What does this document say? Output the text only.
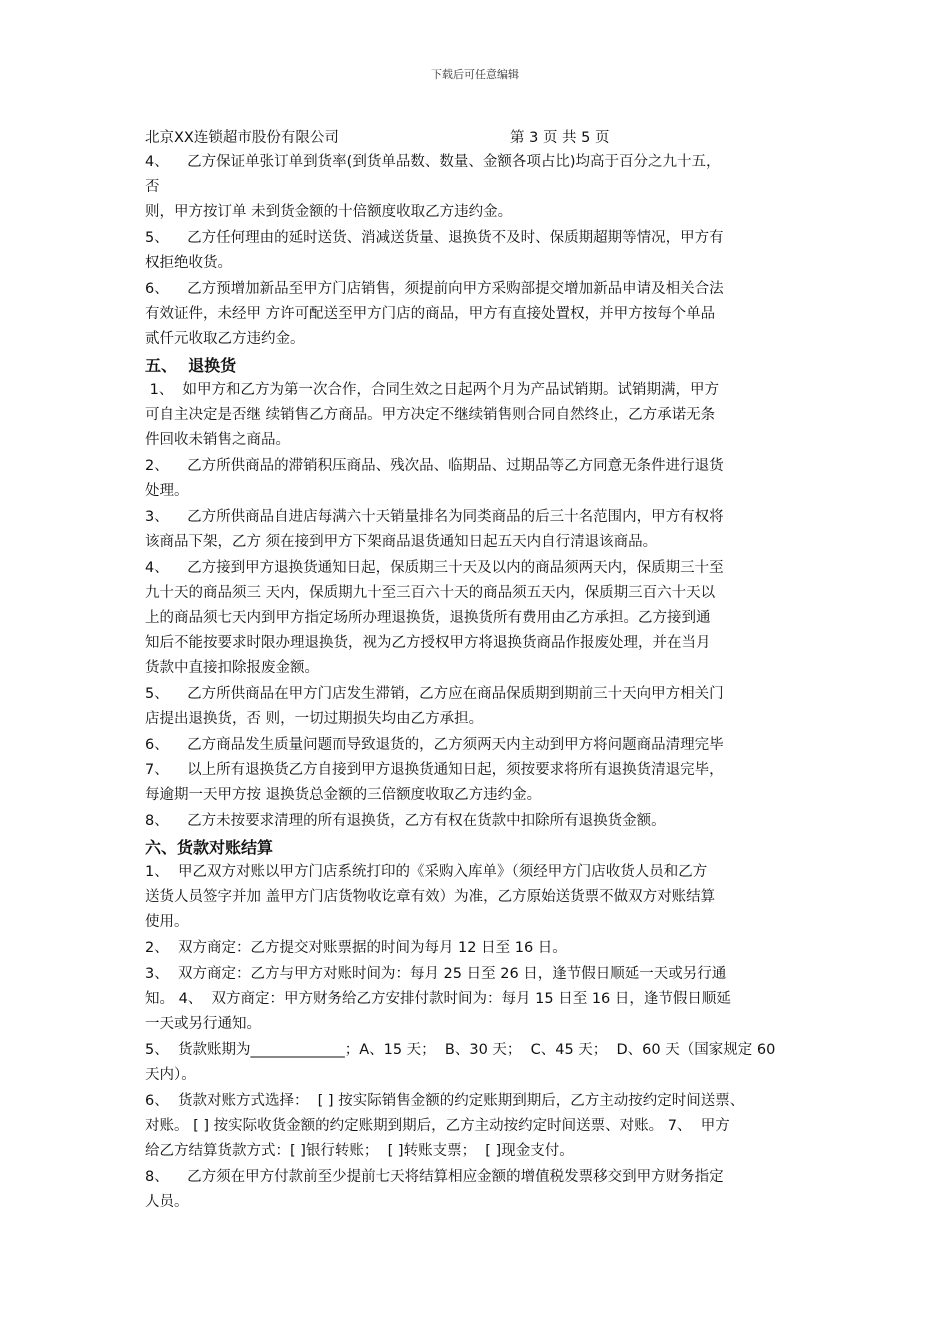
下载后可任意编辑
北京XX连锁超市股份有限公司	第 3 页 共 5 页
4、    乙方保证单张订单到货率(到货单品数、数量、金额各项占比)均高于百分之九十五，
否
则，甲方按订单 未到货金额的十倍额度收取乙方违约金。
5、    乙方任何理由的延时送货、消减送货量、退换货不及时、保质期超期等情况，甲方有
权拒绝收货。
6、    乙方预增加新品至甲方门店销售，须提前向甲方采购部提交增加新品申请及相关合法
有效证件，未经甲 方许可配送至甲方门店的商品，甲方有直接处置权，并甲方按每个单品
贰仟元收取乙方违约金。
五、  退换货
1、  如甲方和乙方为第一次合作，合同生效之日起两个月为产品试销期。试销期满，甲方
可自主决定是否继 续销售乙方商品。甲方决定不继续销售则合同自然终止，乙方承诺无条
件回收未销售之商品。
2、    乙方所供商品的滞销积压商品、残次品、临期品、过期品等乙方同意无条件进行退货
处理。
3、    乙方所供商品自进店每满六十天销量排名为同类商品的后三十名范围内，甲方有权将
该商品下架，乙方 须在接到甲方下架商品退货通知日起五天内自行清退该商品。
4、    乙方接到甲方退换货通知日起，保质期三十天及以内的商品须两天内，保质期三十至
九十天的商品须三 天内，保质期九十至三百六十天的商品须五天内，保质期三百六十天以
上的商品须七天内到甲方指定场所办理退换货，退换货所有费用由乙方承担。乙方接到通
知后不能按要求时限办理退换货，视为乙方授权甲方将退换货商品作报废处理，并在当月
货款中直接扣除报废金额。
5、    乙方所供商品在甲方门店发生滞销，乙方应在商品保质期到期前三十天向甲方相关门
店提出退换货，否 则，一切过期损失均由乙方承担。
6、    乙方商品发生质量问题而导致退货的，乙方须两天内主动到甲方将问题商品清理完毕
7、    以上所有退换货乙方自接到甲方退换货通知日起，须按要求将所有退换货清退完毕，
每逾期一天甲方按 退换货总金额的三倍额度收取乙方违约金。
8、    乙方未按要求清理的所有退换货，乙方有权在货款中扣除所有退换货金额。
六、货款对账结算
1、  甲乙双方对账以甲方门店系统打印的《采购入库单》（须经甲方门店收货人员和乙方
送货人员签字并加 盖甲方门店货物收讫章有效）为准，乙方原始送货票不做双方对账结算
使用。
2、  双方商定：乙方提交对账票据的时间为每月 12 日至 16 日。
3、  双方商定：乙方与甲方对账时间为：每月 25 日至 26 日，逢节假日顺延一天或另行通
知。 4、  双方商定：甲方财务给乙方安排付款时间为：每月 15 日至 16 日，逢节假日顺延
一天或另行通知。
5、  货款账期为_____________；A、15 天；  B、30 天；  C、45 天；  D、60 天（国家规定 60
天内）。
6、  货款对账方式选择：  [ ] 按实际销售金额的约定账期到期后，乙方主动按约定时间送票、
对账。 [ ] 按实际收货金额的约定账期到期后，乙方主动按约定时间送票、对账。 7、  甲方
给乙方结算货款方式：[ ]银行转账；  [ ]转账支票；  [ ]现金支付。
8、    乙方须在甲方付款前至少提前七天将结算相应金额的增值税发票移交到甲方财务指定
人员。
